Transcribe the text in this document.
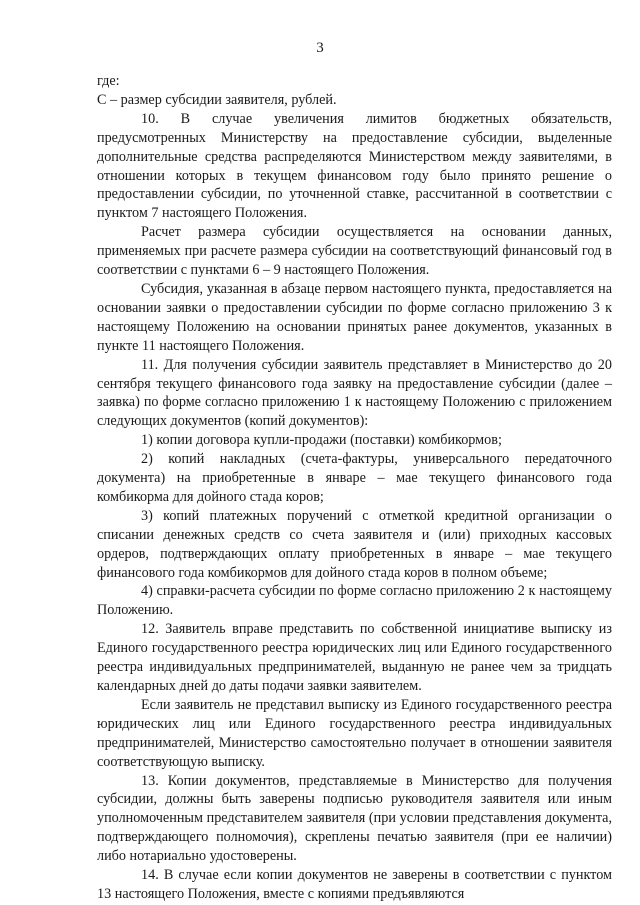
3

где:

С – размер субсидии заявителя, рублей.

10. В случае увеличения лимитов бюджетных обязательств, предусмотренных Министерству на предоставление субсидии, выделенные дополнительные средства распределяются Министерством между заявителями, в отношении которых в текущем финансовом году было принято решение о предоставлении субсидии, по уточненной ставке, рассчитанной в соответствии с пунктом 7 настоящего Положения.

Расчет размера субсидии осуществляется на основании данных, применяемых при расчете размера субсидии на соответствующий финансовый год в соответствии с пунктами 6 – 9 настоящего Положения.

Субсидия, указанная в абзаце первом настоящего пункта, предоставляется на основании заявки о предоставлении субсидии по форме согласно приложению 3 к настоящему Положению на основании принятых ранее документов, указанных в пункте 11 настоящего Положения.

11. Для получения субсидии заявитель представляет в Министерство до 20 сентября текущего финансового года заявку на предоставление субсидии (далее – заявка) по форме согласно приложению 1 к настоящему Положению с приложением следующих документов (копий документов):

1) копии договора купли-продажи (поставки) комбикормов;

2) копий накладных (счета-фактуры, универсального передаточного документа) на приобретенные в январе – мае текущего финансового года комбикорма для дойного стада коров;

3) копий платежных поручений с отметкой кредитной организации о списании денежных средств со счета заявителя и (или) приходных кассовых ордеров, подтверждающих оплату приобретенных в январе – мае текущего финансового года комбикормов для дойного стада коров в полном объеме;

4) справки-расчета субсидии по форме согласно приложению 2 к настоящему Положению.

12. Заявитель вправе представить по собственной инициативе выписку из Единого государственного реестра юридических лиц или Единого государственного реестра индивидуальных предпринимателей, выданную не ранее чем за тридцать календарных дней до даты подачи заявки заявителем.

Если заявитель не представил выписку из Единого государственного реестра юридических лиц или Единого государственного реестра индивидуальных предпринимателей, Министерство самостоятельно получает в отношении заявителя соответствующую выписку.

13. Копии документов, представляемые в Министерство для получения субсидии, должны быть заверены подписью руководителя заявителя или иным уполномоченным представителем заявителя (при условии представления документа, подтверждающего полномочия), скреплены печатью заявителя (при ее наличии) либо нотариально удостоверены.

14. В случае если копии документов не заверены в соответствии с пунктом 13 настоящего Положения, вместе с копиями предъявляются
